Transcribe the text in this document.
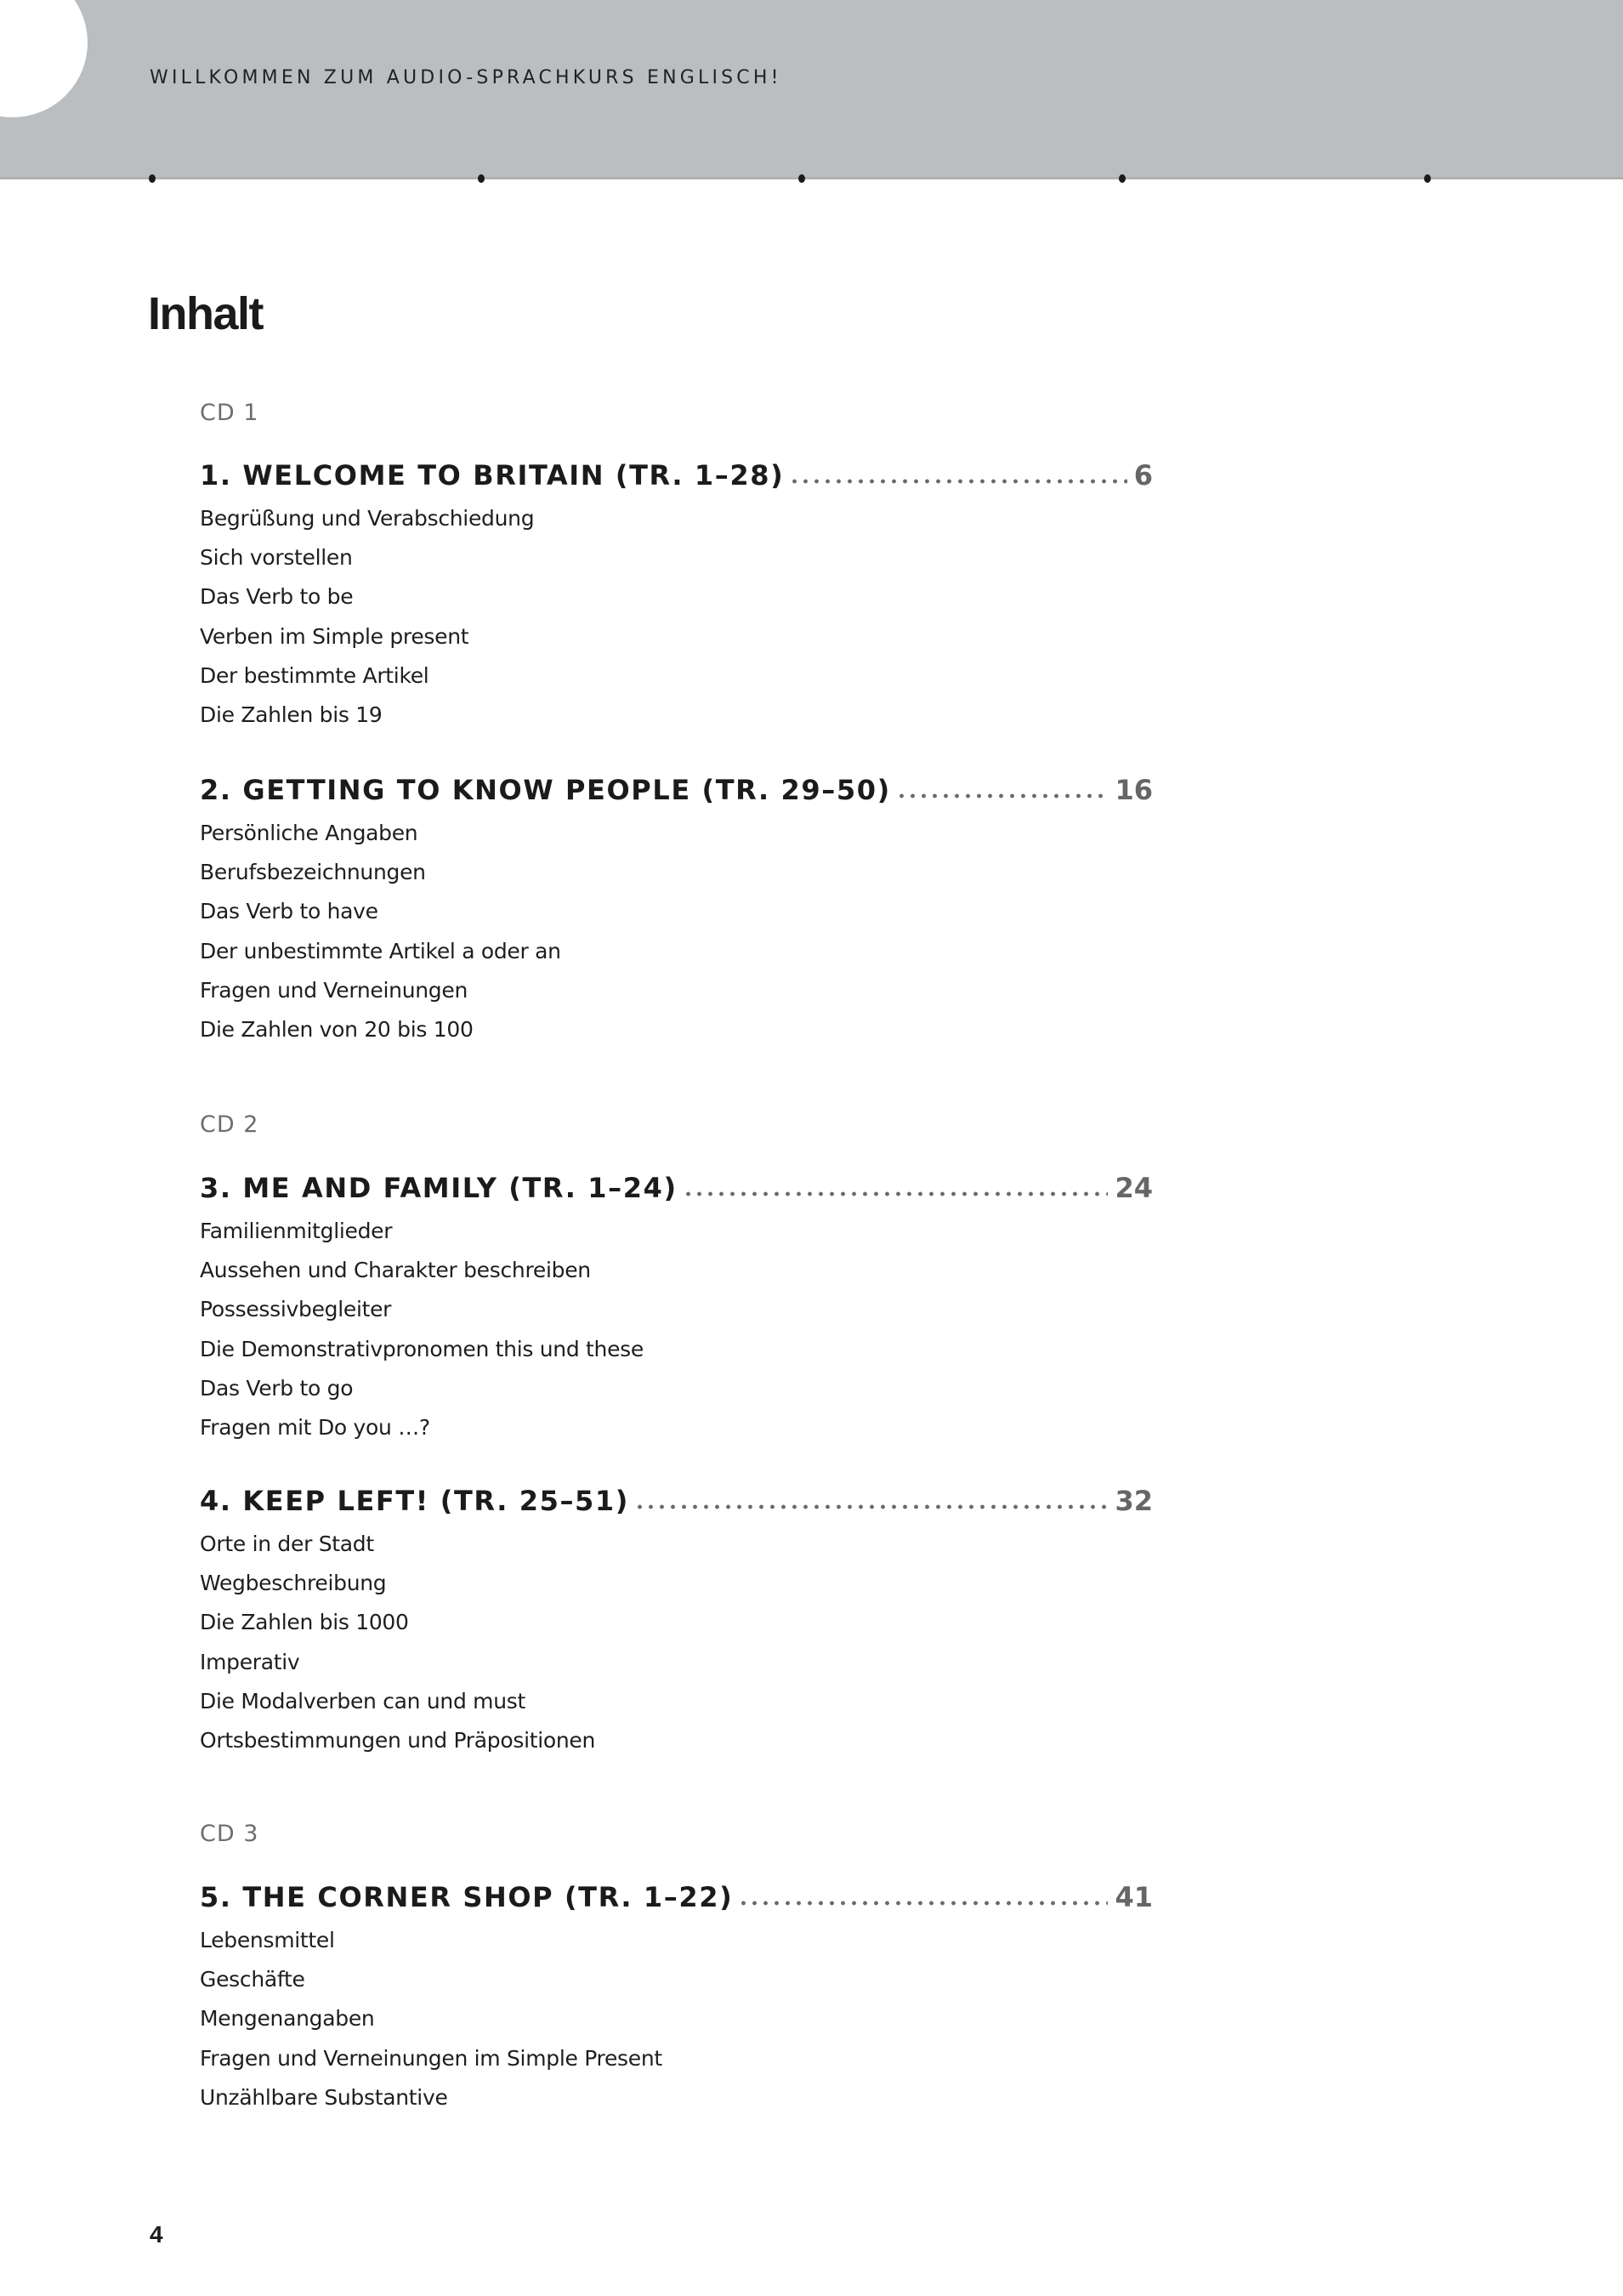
WILLKOMMEN ZUM AUDIO-SPRACHKURS ENGLISCH!
Inhalt
CD 1
1. WELCOME TO BRITAIN (TR. 1–28)	6
Begrüßung und Verabschiedung
Sich vorstellen
Das Verb to be
Verben im Simple present
Der bestimmte Artikel
Die Zahlen bis 19
2. GETTING TO KNOW PEOPLE (TR. 29–50)	16
Persönliche Angaben
Berufsbezeichnungen
Das Verb to have
Der unbestimmte Artikel a oder an
Fragen und Verneinungen
Die Zahlen von 20 bis 100
CD 2
3. ME AND FAMILY (TR. 1–24)	24
Familienmitglieder
Aussehen und Charakter beschreiben
Possessivbegleiter
Die Demonstrativpronomen this und these
Das Verb to go
Fragen mit Do you …?
4. KEEP LEFT! (TR. 25–51)	32
Orte in der Stadt
Wegbeschreibung
Die Zahlen bis 1000
Imperativ
Die Modalverben can und must
Ortsbestimmungen und Präpositionen
CD 3
5. THE CORNER SHOP (TR. 1–22)	41
Lebensmittel
Geschäfte
Mengenangaben
Fragen und Verneinungen im Simple Present
Unzählbare Substantive
4
